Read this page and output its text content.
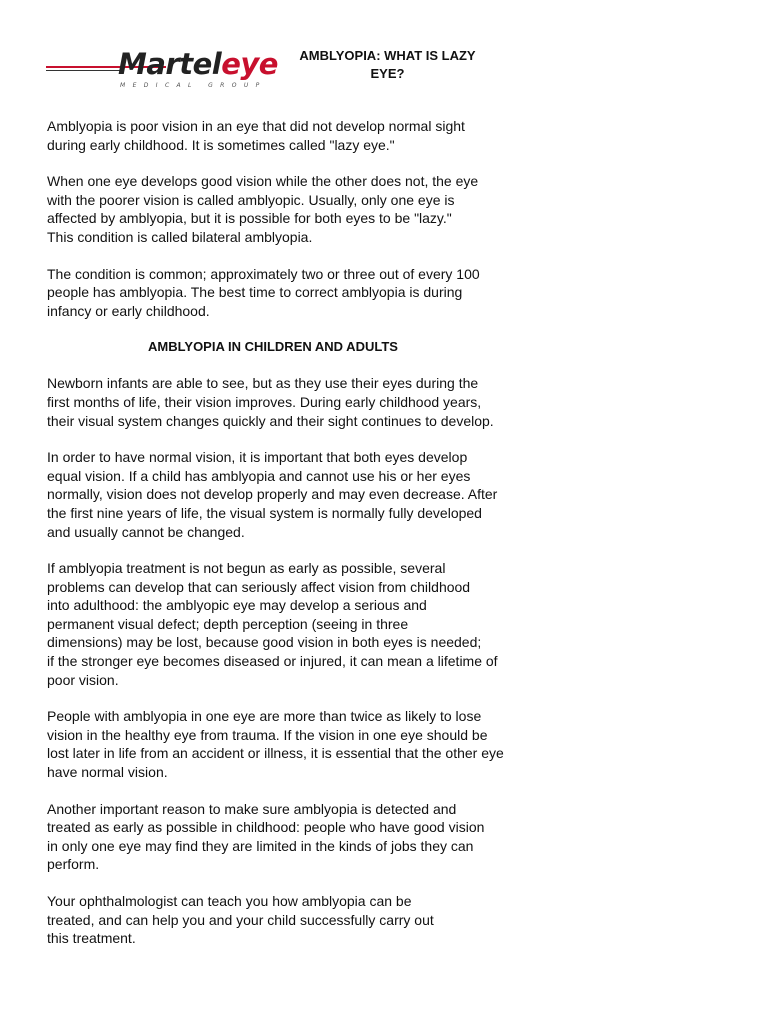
Marteleye
MEDICAL GROUP
AMBLYOPIA: WHAT IS LAZY
EYE?

Amblyopia is poor vision in an eye that did not develop normal sight
during early childhood. It is sometimes called "lazy eye."

When one eye develops good vision while the other does not, the eye
with the poorer vision is called amblyopic. Usually, only one eye is
affected by amblyopia, but it is possible for both eyes to be "lazy."
This condition is called bilateral amblyopia.

The condition is common; approximately two or three out of every 100
people has amblyopia. The best time to correct amblyopia is during
infancy or early childhood.

AMBLYOPIA IN CHILDREN AND ADULTS

Newborn infants are able to see, but as they use their eyes during the
first months of life, their vision improves. During early childhood years,
their visual system changes quickly and their sight continues to develop.

In order to have normal vision, it is important that both eyes develop
equal vision. If a child has amblyopia and cannot use his or her eyes
normally, vision does not develop properly and may even decrease. After
the first nine years of life, the visual system is normally fully developed
and usually cannot be changed.

If amblyopia treatment is not begun as early as possible, several
problems can develop that can seriously affect vision from childhood
into adulthood: the amblyopic eye may develop a serious and
permanent visual defect; depth perception (seeing in three
dimensions) may be lost, because good vision in both eyes is needed;
if the stronger eye becomes diseased or injured, it can mean a lifetime of
poor vision.

People with amblyopia in one eye are more than twice as likely to lose
vision in the healthy eye from trauma. If the vision in one eye should be
lost later in life from an accident or illness, it is essential that the other eye
have normal vision.

Another important reason to make sure amblyopia is detected and
treated as early as possible in childhood: people who have good vision
in only one eye may find they are limited in the kinds of jobs they can
perform.

Your ophthalmologist can teach you how amblyopia can be
treated, and can help you and your child successfully carry out
this treatment.
